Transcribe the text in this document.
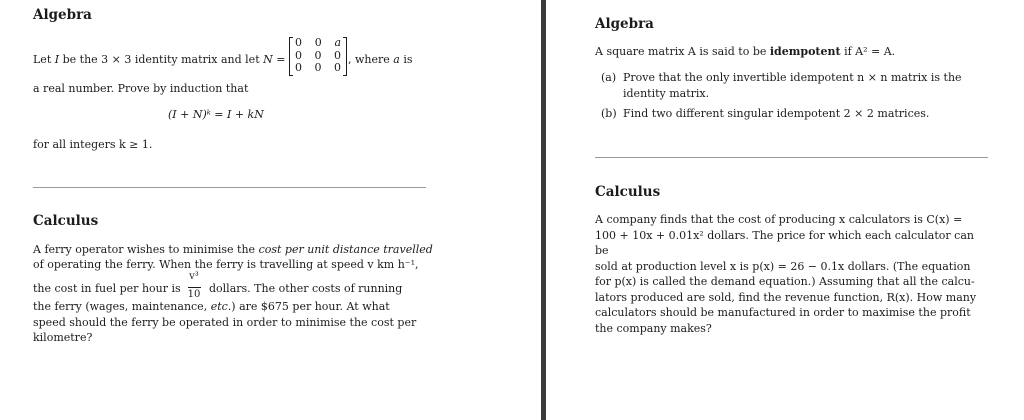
Algebra
Let I be the 3 × 3 identity matrix and let N =
0 0 a
0 0 0
0 0 0
, where a is
a real number. Prove by induction that
(I + N)ᵏ = I + kN
for all integers k ≥ 1.
Calculus
A ferry operator wishes to minimise the cost per unit distance travelled
of operating the ferry. When the ferry is travelling at speed v km h⁻¹,
the cost in fuel per hour is
v³
10 dollars. The other costs of running
the ferry (wages, maintenance, etc.) are $675 per hour. At what
speed should the ferry be operated in order to minimise the cost per
kilometre?
Algebra
A square matrix A is said to be idempotent if A² = A.
(a) Prove that the only invertible idempotent n × n matrix is the
identity matrix.
(b) Find two different singular idempotent 2 × 2 matrices.
Calculus
A company finds that the cost of producing x calculators is C(x) =
100 + 10x + 0.01x² dollars. The price for which each calculator can be
sold at production level x is p(x) = 26 − 0.1x dollars. (The equation
for p(x) is called the demand equation.) Assuming that all the calcu-
lators produced are sold, find the revenue function, R(x). How many
calculators should be manufactured in order to maximise the profit
the company makes?
